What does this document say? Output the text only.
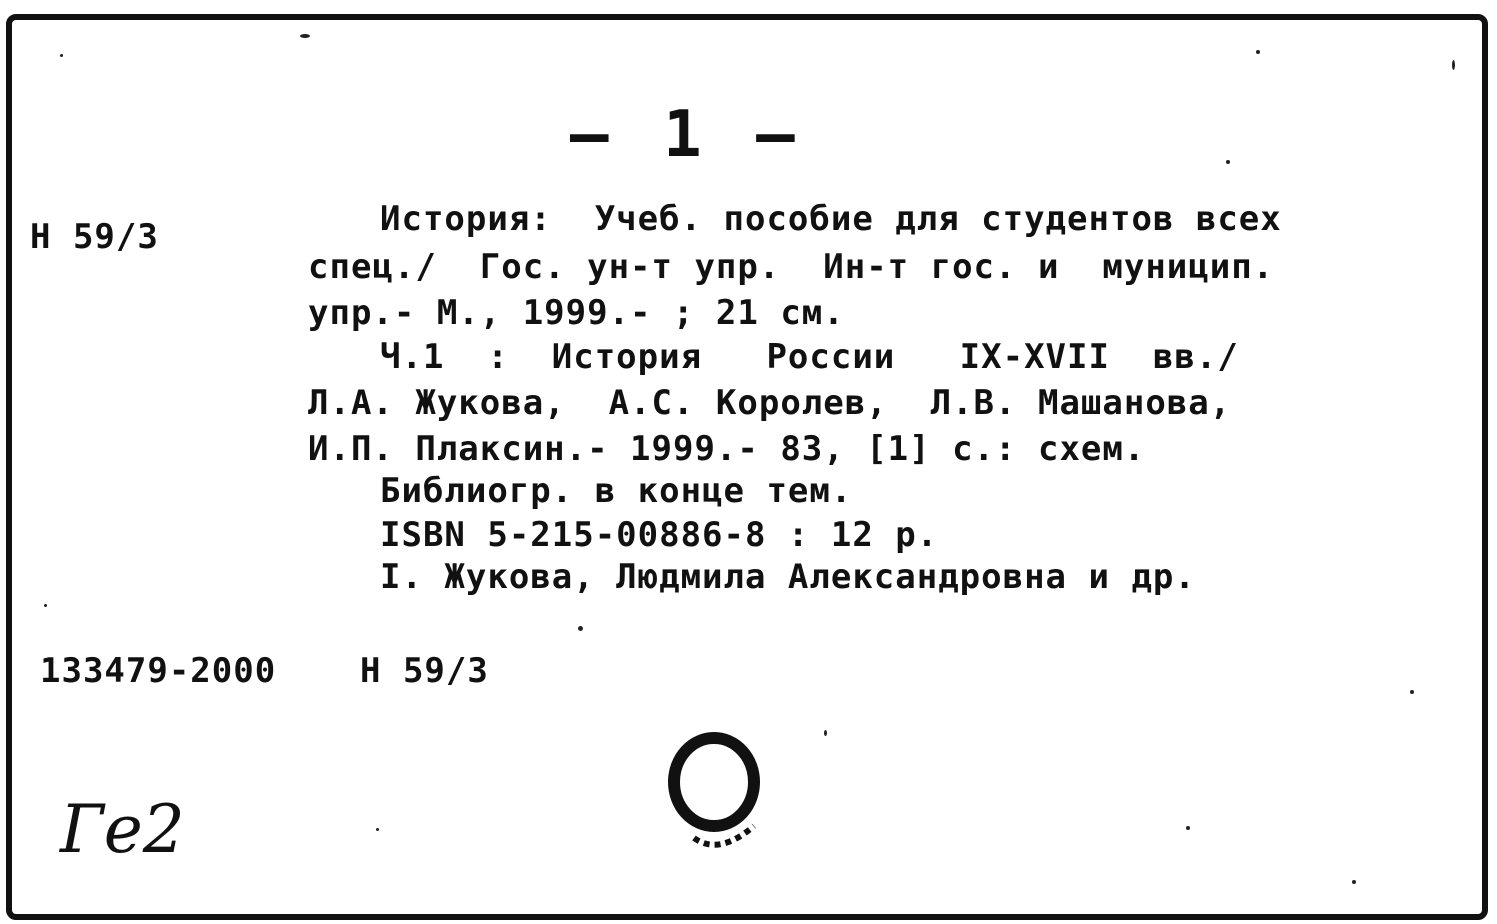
— 1 —
Н 59/3	История:  Учеб. пособие для студентов всех
спец./  Гос. ун-т упр.  Ин-т гос. и  муницип.
упр.- М., 1999.- ; 21 см.
Ч.1  :  История   России   IX-XVII  вв./
Л.А. Жукова,  А.С. Королев,  Л.В. Машанова,
И.П. Плаксин.- 1999.- 83, [1] с.: схем.
Библиогр. в конце тем.
ISBN 5-215-00886-8 : 12 р.
I. Жукова, Людмила Александровна и др.
133479-2000 Н 59/3
Ге2
